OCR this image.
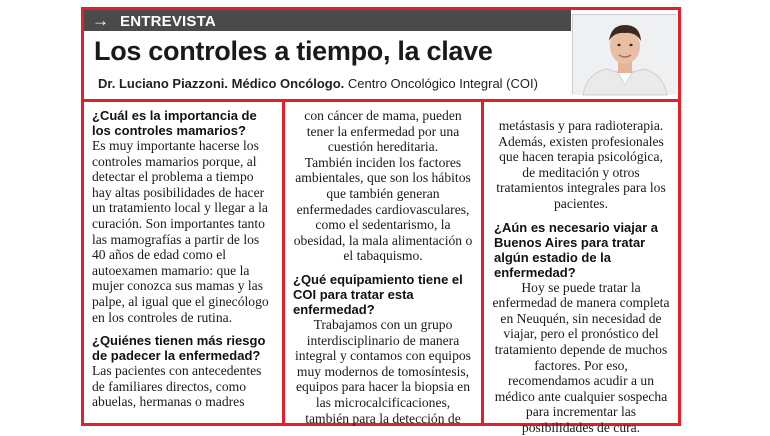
→ ENTREVISTA
Los controles a tiempo, la clave
Dr. Luciano Piazzoni. Médico Oncólogo. Centro Oncológico Integral (COI)

¿Cuál es la importancia de los controles mamarios?

Es muy importante hacerse los controles mamarios porque, al detectar el problema a tiempo hay altas posibilidades de hacer un tratamiento local y llegar a la curación. Son importantes tanto las mamografías a partir de los 40 años de edad como el autoexamen mamario: que la mujer conozca sus mamas y las palpe, al igual que el ginecólogo en los controles de rutina.

¿Quiénes tienen más riesgo de padecer la enfermedad?

Las pacientes con antecedentes de familiares directos, como abuelas, hermanas o madres

con cáncer de mama, pueden tener la enfermedad por una cuestión hereditaria.

También inciden los factores ambientales, que son los hábitos que también generan enfermedades cardiovasculares, como el sedentarismo, la obesidad, la mala alimentación o el tabaquismo.

¿Qué equipamiento tiene el COI para tratar esta enfermedad?

Trabajamos con un grupo interdisciplinario de manera integral y contamos con equipos muy modernos de tomosíntesis, equipos para hacer la biopsia en las microcalcificaciones, también para la detección de

metástasis y para radioterapia.

Además, existen profesionales que hacen terapia psicológica, de meditación y otros tratamientos integrales para los pacientes.

¿Aún es necesario viajar a Buenos Aires para tratar algún estadio de la enfermedad?

Hoy se puede tratar la enfermedad de manera completa en Neuquén, sin necesidad de viajar, pero el pronóstico del tratamiento depende de muchos factores. Por eso, recomendamos acudir a un médico ante cualquier sospecha para incrementar las posibilidades de cura.
